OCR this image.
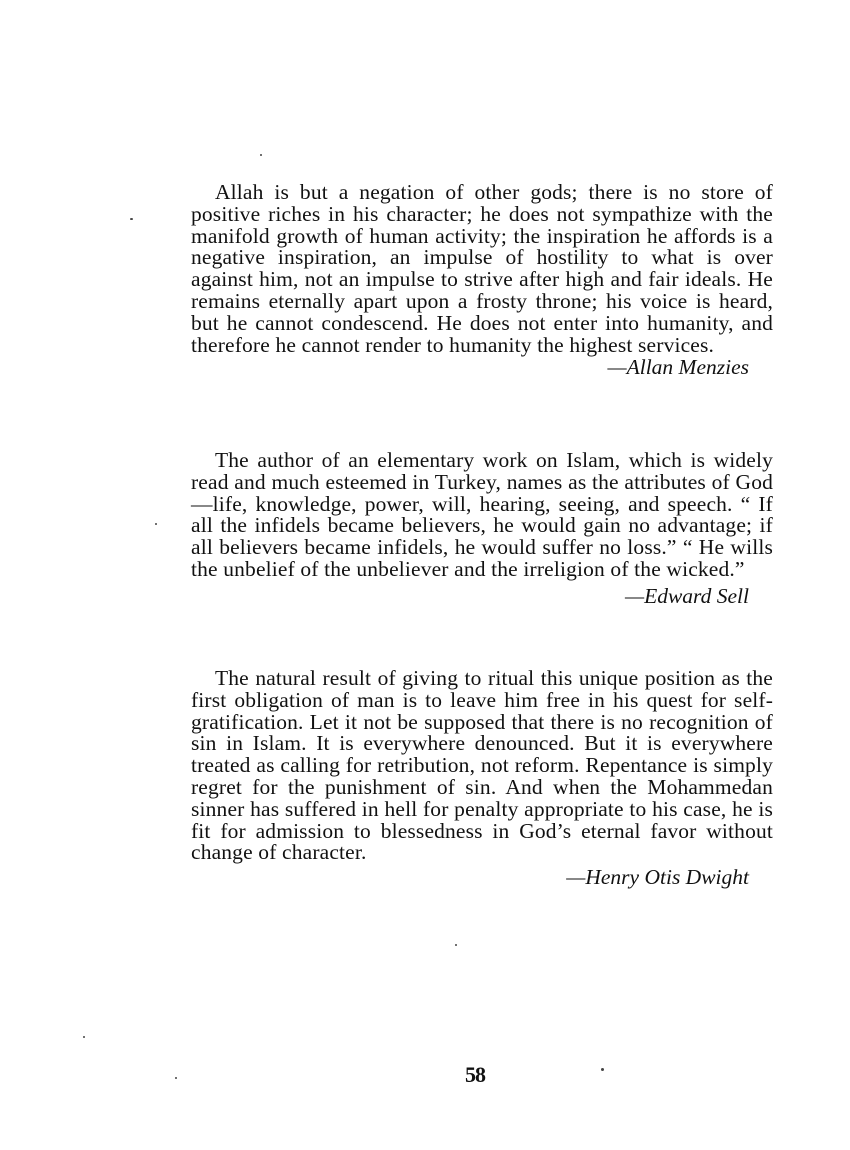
Allah is but a negation of other gods; there is no store of positive riches in his character; he does not sympathize with the manifold growth of human activity; the inspiration he affords is a negative inspiration, an impulse of hostility to what is over against him, not an impulse to strive after high and fair ideals. He remains eternally apart upon a frosty throne; his voice is heard, but he cannot condescend. He does not enter into humanity, and therefore he cannot render to humanity the highest services.

—Allan Menzies

The author of an elementary work on Islam, which is widely read and much esteemed in Turkey, names as the attributes of God—life, knowledge, power, will, hearing, seeing, and speech. “ If all the infidels became believers, he would gain no advantage; if all believers became infidels, he would suffer no loss.” “ He wills the unbelief of the unbeliever and the irreligion of the wicked.”

—Edward Sell

The natural result of giving to ritual this unique position as the first obligation of man is to leave him free in his quest for self-gratification. Let it not be supposed that there is no recognition of sin in Islam. It is everywhere denounced. But it is everywhere treated as calling for retribution, not reform. Repentance is simply regret for the punishment of sin. And when the Mohammedan sinner has suffered in hell for penalty appropriate to his case, he is fit for admission to blessedness in God’s eternal favor without change of character.

—Henry Otis Dwight
58
